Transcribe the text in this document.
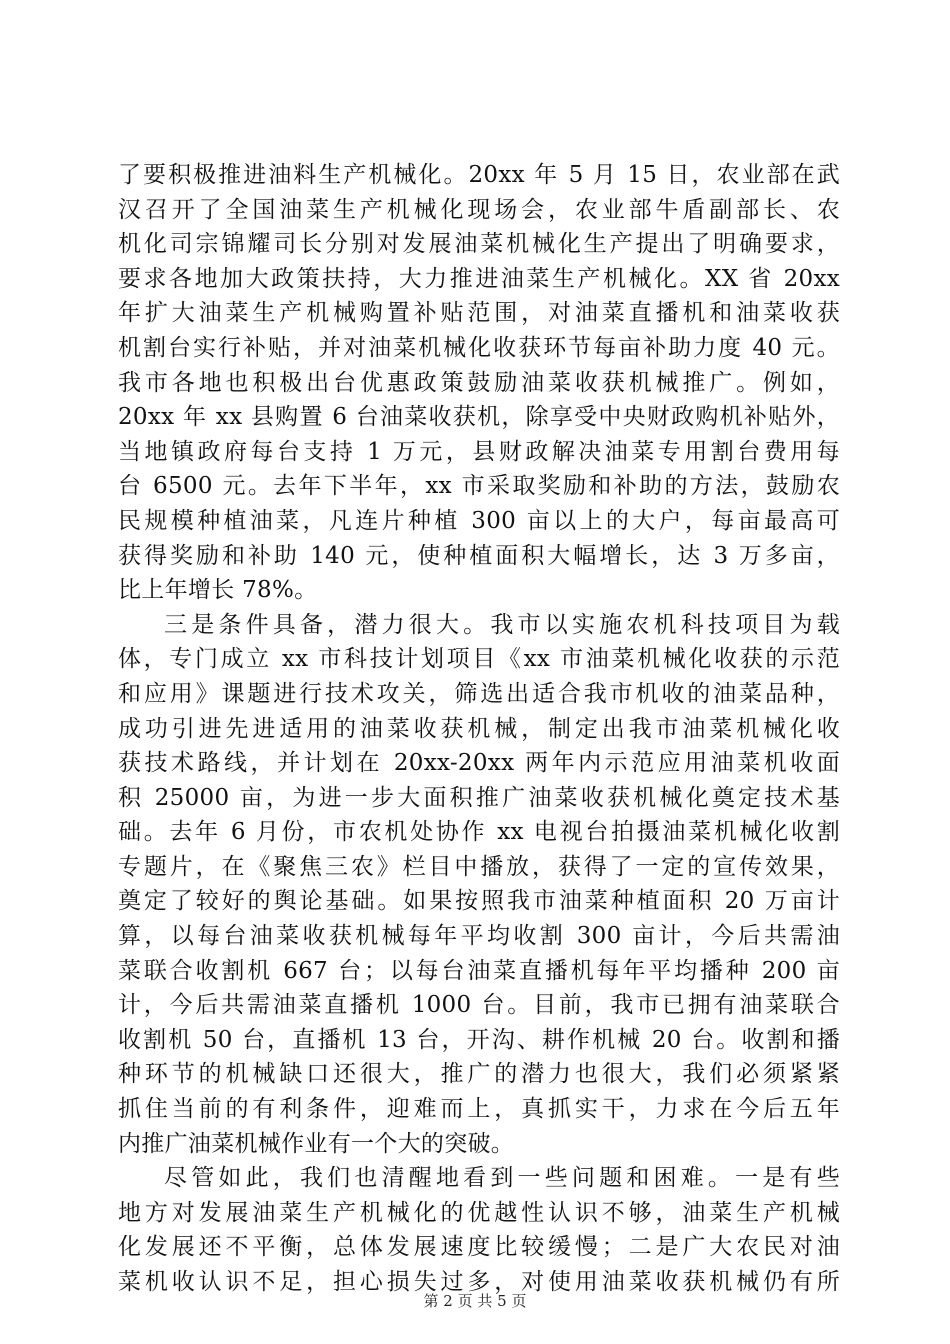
了要积极推进油料生产机械化。20xx 年 5 月 15 日，农业部在武
汉召开了全国油菜生产机械化现场会，农业部牛盾副部长、农
机化司宗锦耀司长分别对发展油菜机械化生产提出了明确要求，
要求各地加大政策扶持，大力推进油菜生产机械化。XX 省 20xx
年扩大油菜生产机械购置补贴范围，对油菜直播机和油菜收获
机割台实行补贴，并对油菜机械化收获环节每亩补助力度 40 元。
我市各地也积极出台优惠政策鼓励油菜收获机械推广。例如，
20xx 年 xx 县购置 6 台油菜收获机，除享受中央财政购机补贴外，
当地镇政府每台支持 1 万元，县财政解决油菜专用割台费用每
台 6500 元。去年下半年，xx 市采取奖励和补助的方法，鼓励农
民规模种植油菜，凡连片种植 300 亩以上的大户，每亩最高可
获得奖励和补助 140 元，使种植面积大幅增长，达 3 万多亩，
比上年增长 78%。
三是条件具备，潜力很大。我市以实施农机科技项目为载
体，专门成立 xx 市科技计划项目《xx 市油菜机械化收获的示范
和应用》课题进行技术攻关，筛选出适合我市机收的油菜品种，
成功引进先进适用的油菜收获机械，制定出我市油菜机械化收
获技术路线，并计划在 20xx-20xx 两年内示范应用油菜机收面
积 25000 亩，为进一步大面积推广油菜收获机械化奠定技术基
础。去年 6 月份，市农机处协作 xx 电视台拍摄油菜机械化收割
专题片，在《聚焦三农》栏目中播放，获得了一定的宣传效果，
奠定了较好的舆论基础。如果按照我市油菜种植面积 20 万亩计
算，以每台油菜收获机械每年平均收割 300 亩计，今后共需油
菜联合收割机 667 台；以每台油菜直播机每年平均播种 200 亩
计，今后共需油菜直播机 1000 台。目前，我市已拥有油菜联合
收割机 50 台，直播机 13 台，开沟、耕作机械 20 台。收割和播
种环节的机械缺口还很大，推广的潜力也很大，我们必须紧紧
抓住当前的有利条件，迎难而上，真抓实干，力求在今后五年
内推广油菜机械作业有一个大的突破。
尽管如此，我们也清醒地看到一些问题和困难。一是有些
地方对发展油菜生产机械化的优越性认识不够，油菜生产机械
化发展还不平衡，总体发展速度比较缓慢；二是广大农民对油
菜机收认识不足，担心损失过多，对使用油菜收获机械仍有所
第 2 页 共 5 页
